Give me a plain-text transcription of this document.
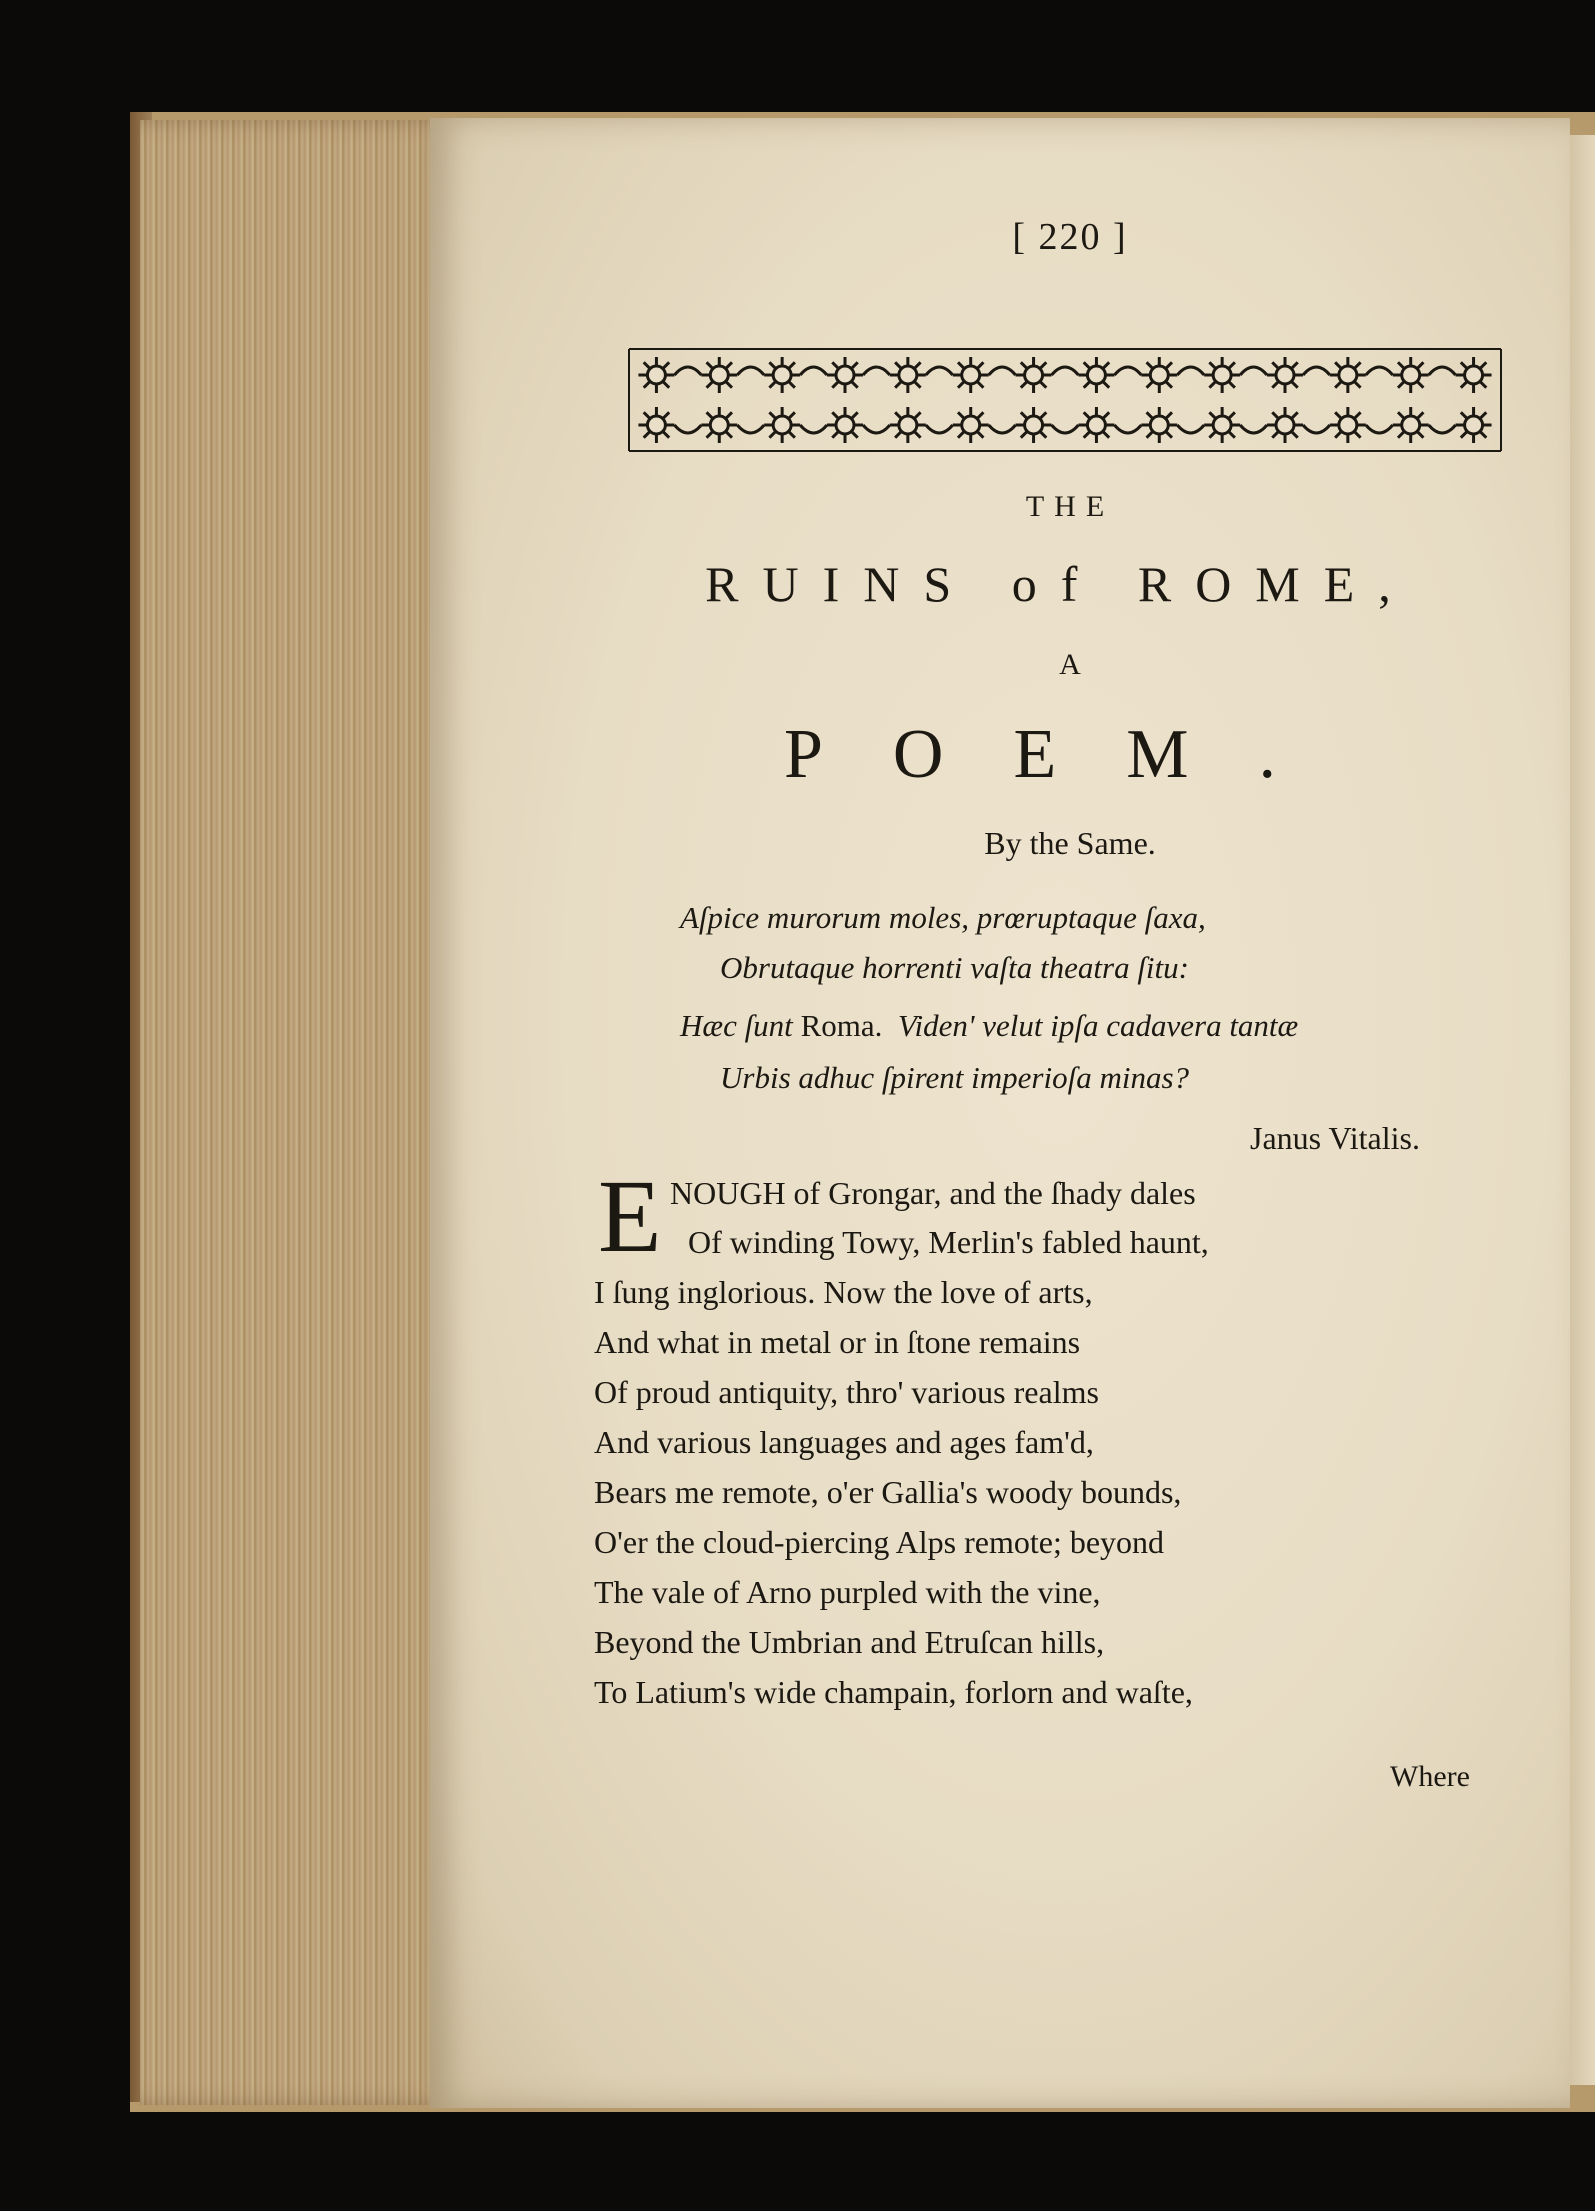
[ 220 ]
THE
RUINS of ROME,
A
POEM.
By the Same.
Aſpice murorum moles, prœruptaque ſaxa,
Obrutaque horrenti vaſta theatra ſitu:
Hæc ſunt Roma. Viden' velut ipſa cadavera tantæ
Urbis adhuc ſpirent imperioſa minas?
Janus Vitalis.
E NOUGH of Grongar, and the ſhady dales
Of winding Towy, Merlin's fabled haunt,
I ſung inglorious. Now the love of arts,
And what in metal or in ſtone remains
Of proud antiquity, thro' various realms
And various languages and ages fam'd,
Bears me remote, o'er Gallia's woody bounds,
O'er the cloud-piercing Alps remote; beyond
The vale of Arno purpled with the vine,
Beyond the Umbrian and Etruſcan hills,
To Latium's wide champain, forlorn and waſte,
Where
